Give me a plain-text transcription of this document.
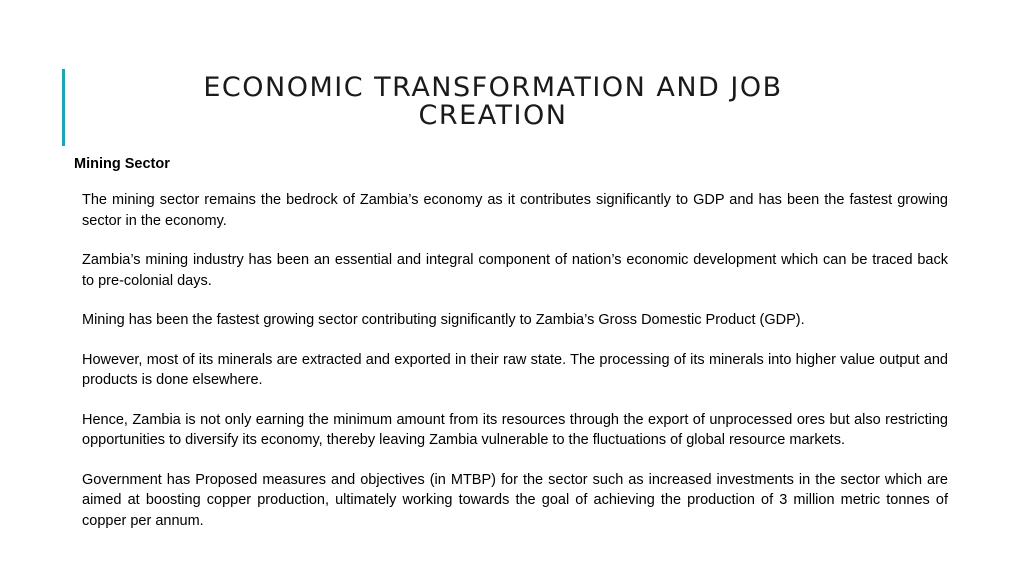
ECONOMIC TRANSFORMATION AND JOB CREATION
Mining Sector

The mining sector remains the bedrock of Zambia’s economy as it contributes significantly to GDP and has been the fastest growing sector in the economy.

Zambia’s mining industry has been an essential and integral component of nation’s economic development which can be traced back to pre-colonial days.

Mining has been the fastest growing sector contributing significantly to Zambia’s Gross Domestic Product (GDP).

However, most of its minerals are extracted and exported in their raw state. The processing of its minerals into higher value output and products is done elsewhere.

Hence, Zambia is not only earning the minimum amount from its resources through the export of unprocessed ores but also restricting opportunities to diversify its economy, thereby leaving Zambia vulnerable to the fluctuations of global resource markets.

Government has Proposed measures and objectives (in MTBP) for the sector such as increased investments in the sector which are aimed at boosting copper production, ultimately working towards the goal of achieving the production of 3 million metric tonnes of copper per annum.
